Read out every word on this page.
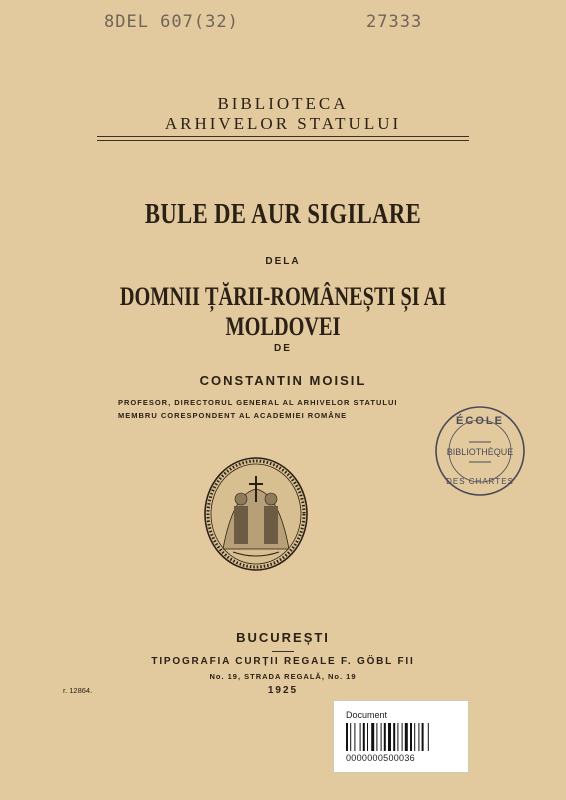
8DEL 607(32)	27333
BIBLIOTECA
ARHIVELOR STATULUI
BULE DE AUR SIGILARE
DELA
DOMNII ȚĂRII-ROMÂNEȘTI ȘI AI MOLDOVEI
DE
CONSTANTIN MOISIL
PROFESOR, DIRECTORUL GENERAL AL ARHIVELOR STATULUI
MEMBRU CORESPONDENT AL ACADEMIEI ROMÂNE	ÉCOLE
BIBLIOTHÈQUE
DES CHARTES
BUCUREȘTI
TIPOGRAFIA CURȚII REGALE F. GÖBL FII
No. 19, STRADA REGALĂ, No. 19
1925
r. 12864.
Document
0000000500036
